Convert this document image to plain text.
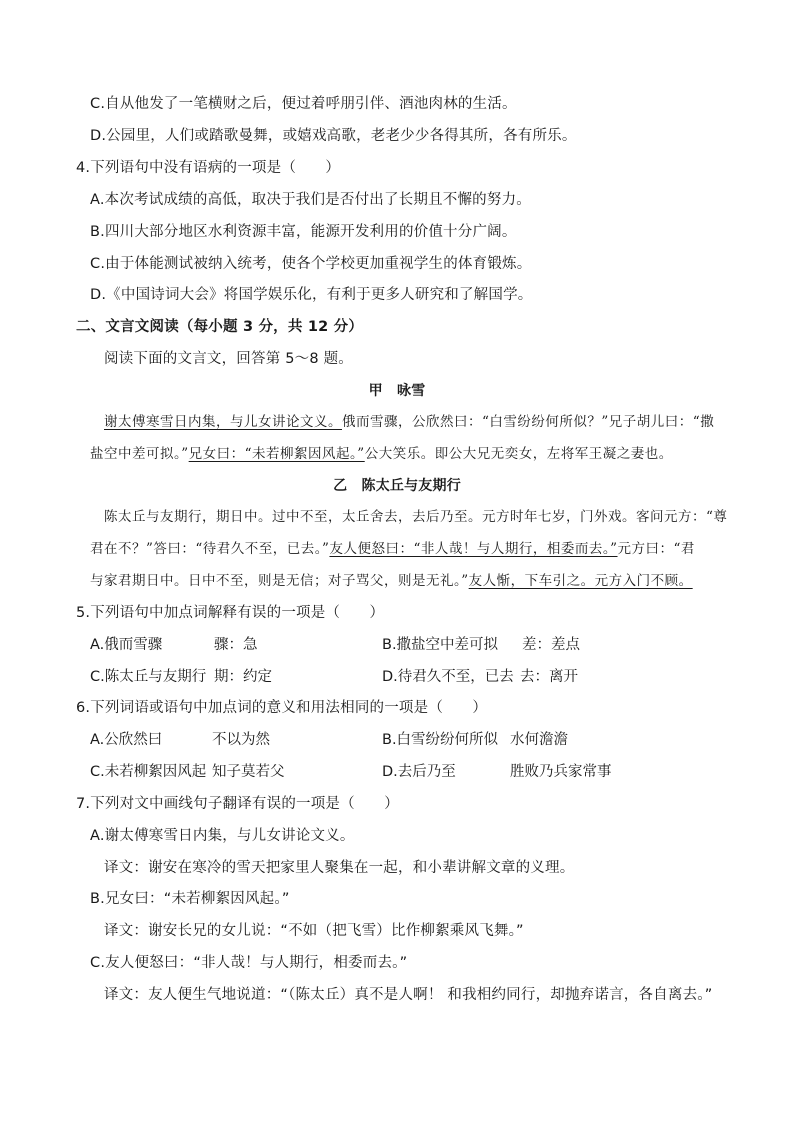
C.自从他发了一笔横财之后，便过着呼朋引伴、酒池肉林的生活。
D.公园里，人们或踏歌曼舞，或嬉戏高歌，老老少少各得其所，各有所乐。
4.下列语句中没有语病的一项是（　　）
A.本次考试成绩的高低，取决于我们是否付出了长期且不懈的努力。
B.四川大部分地区水利资源丰富，能源开发利用的价值十分广阔。
C.由于体能测试被纳入统考，使各个学校更加重视学生的体育锻炼。
D.《中国诗词大会》将国学娱乐化，有利于更多人研究和了解国学。
二、文言文阅读（每小题 3 分，共 12 分）
阅读下面的文言文，回答第 5～8 题。
甲　咏雪
谢太傅寒雪日内集，与儿女讲论文义。俄而雪骤，公欣然曰：“白雪纷纷何所似？”兄子胡儿曰：“撒
盐空中差可拟。”兄女曰：“未若柳絮因风起。”公大笑乐。即公大兄无奕女，左将军王凝之妻也。
乙　陈太丘与友期行
陈太丘与友期行，期日中。过中不至，太丘舍去，去后乃至。元方时年七岁，门外戏。客问元方：“尊
君在不？”答曰：“待君久不至，已去。”友人便怒曰：“非人哉！与人期行，相委而去。”元方曰：“君
与家君期日中。日中不至，则是无信；对子骂父，则是无礼。”友人惭，下车引之。元方入门不顾。
5.下列语句中加点词解释有误的一项是（　　）
A.俄而雪骤	骤：急	B.撒盐空中差可拟 差：差点
C.陈太丘与友期行 期：约定	D.待君久不至，已去 去：离开
6.下列词语或语句中加点词的意义和用法相同的一项是（　　）
A.公欣然曰	不以为然	B.白雪纷纷何所似 水何澹澹
C.未若柳絮因风起 知子莫若父	D.去后乃至	胜败乃兵家常事
7.下列对文中画线句子翻译有误的一项是（　　）
A.谢太傅寒雪日内集，与儿女讲论文义。
译文：谢安在寒冷的雪天把家里人聚集在一起，和小辈讲解文章的义理。
B.兄女曰：“未若柳絮因风起。”
译文：谢安长兄的女儿说：“不如（把飞雪）比作柳絮乘风飞舞。”
C.友人便怒曰：“非人哉！与人期行，相委而去。”
译文：友人便生气地说道：“（陈太丘）真不是人啊！ 和我相约同行，却抛弃诺言，各自离去。”
